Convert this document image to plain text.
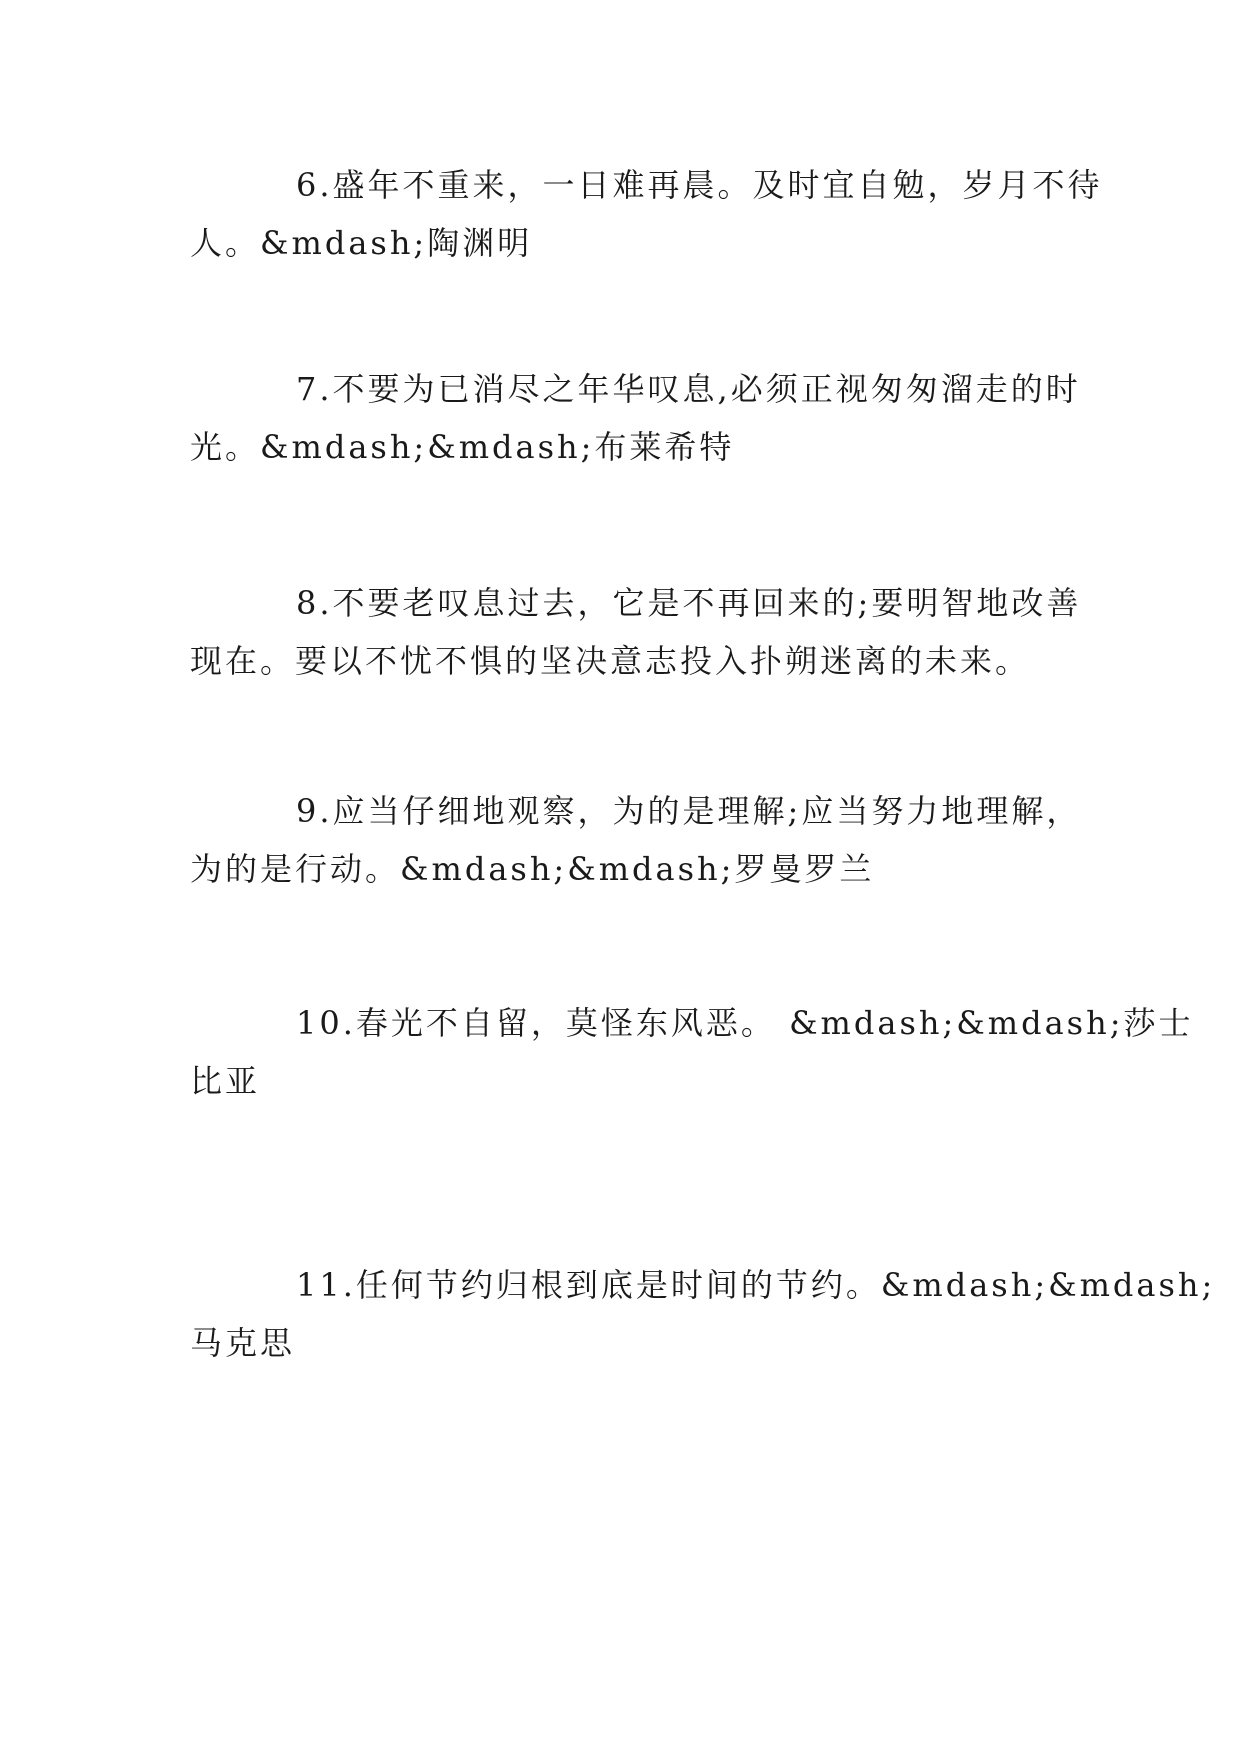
6.盛年不重来，一日难再晨。及时宜自勉，岁月不待
人。&mdash;陶渊明
7.不要为已消尽之年华叹息,必须正视匆匆溜走的时
光。&mdash;&mdash;布莱希特
8.不要老叹息过去，它是不再回来的;要明智地改善
现在。要以不忧不惧的坚决意志投入扑朔迷离的未来。
9.应当仔细地观察，为的是理解;应当努力地理解，
为的是行动。&mdash;&mdash;罗曼罗兰
10.春光不自留，莫怪东风恶。 &mdash;&mdash;莎士
比亚
11.任何节约归根到底是时间的节约。&mdash;&mdash;
马克思
